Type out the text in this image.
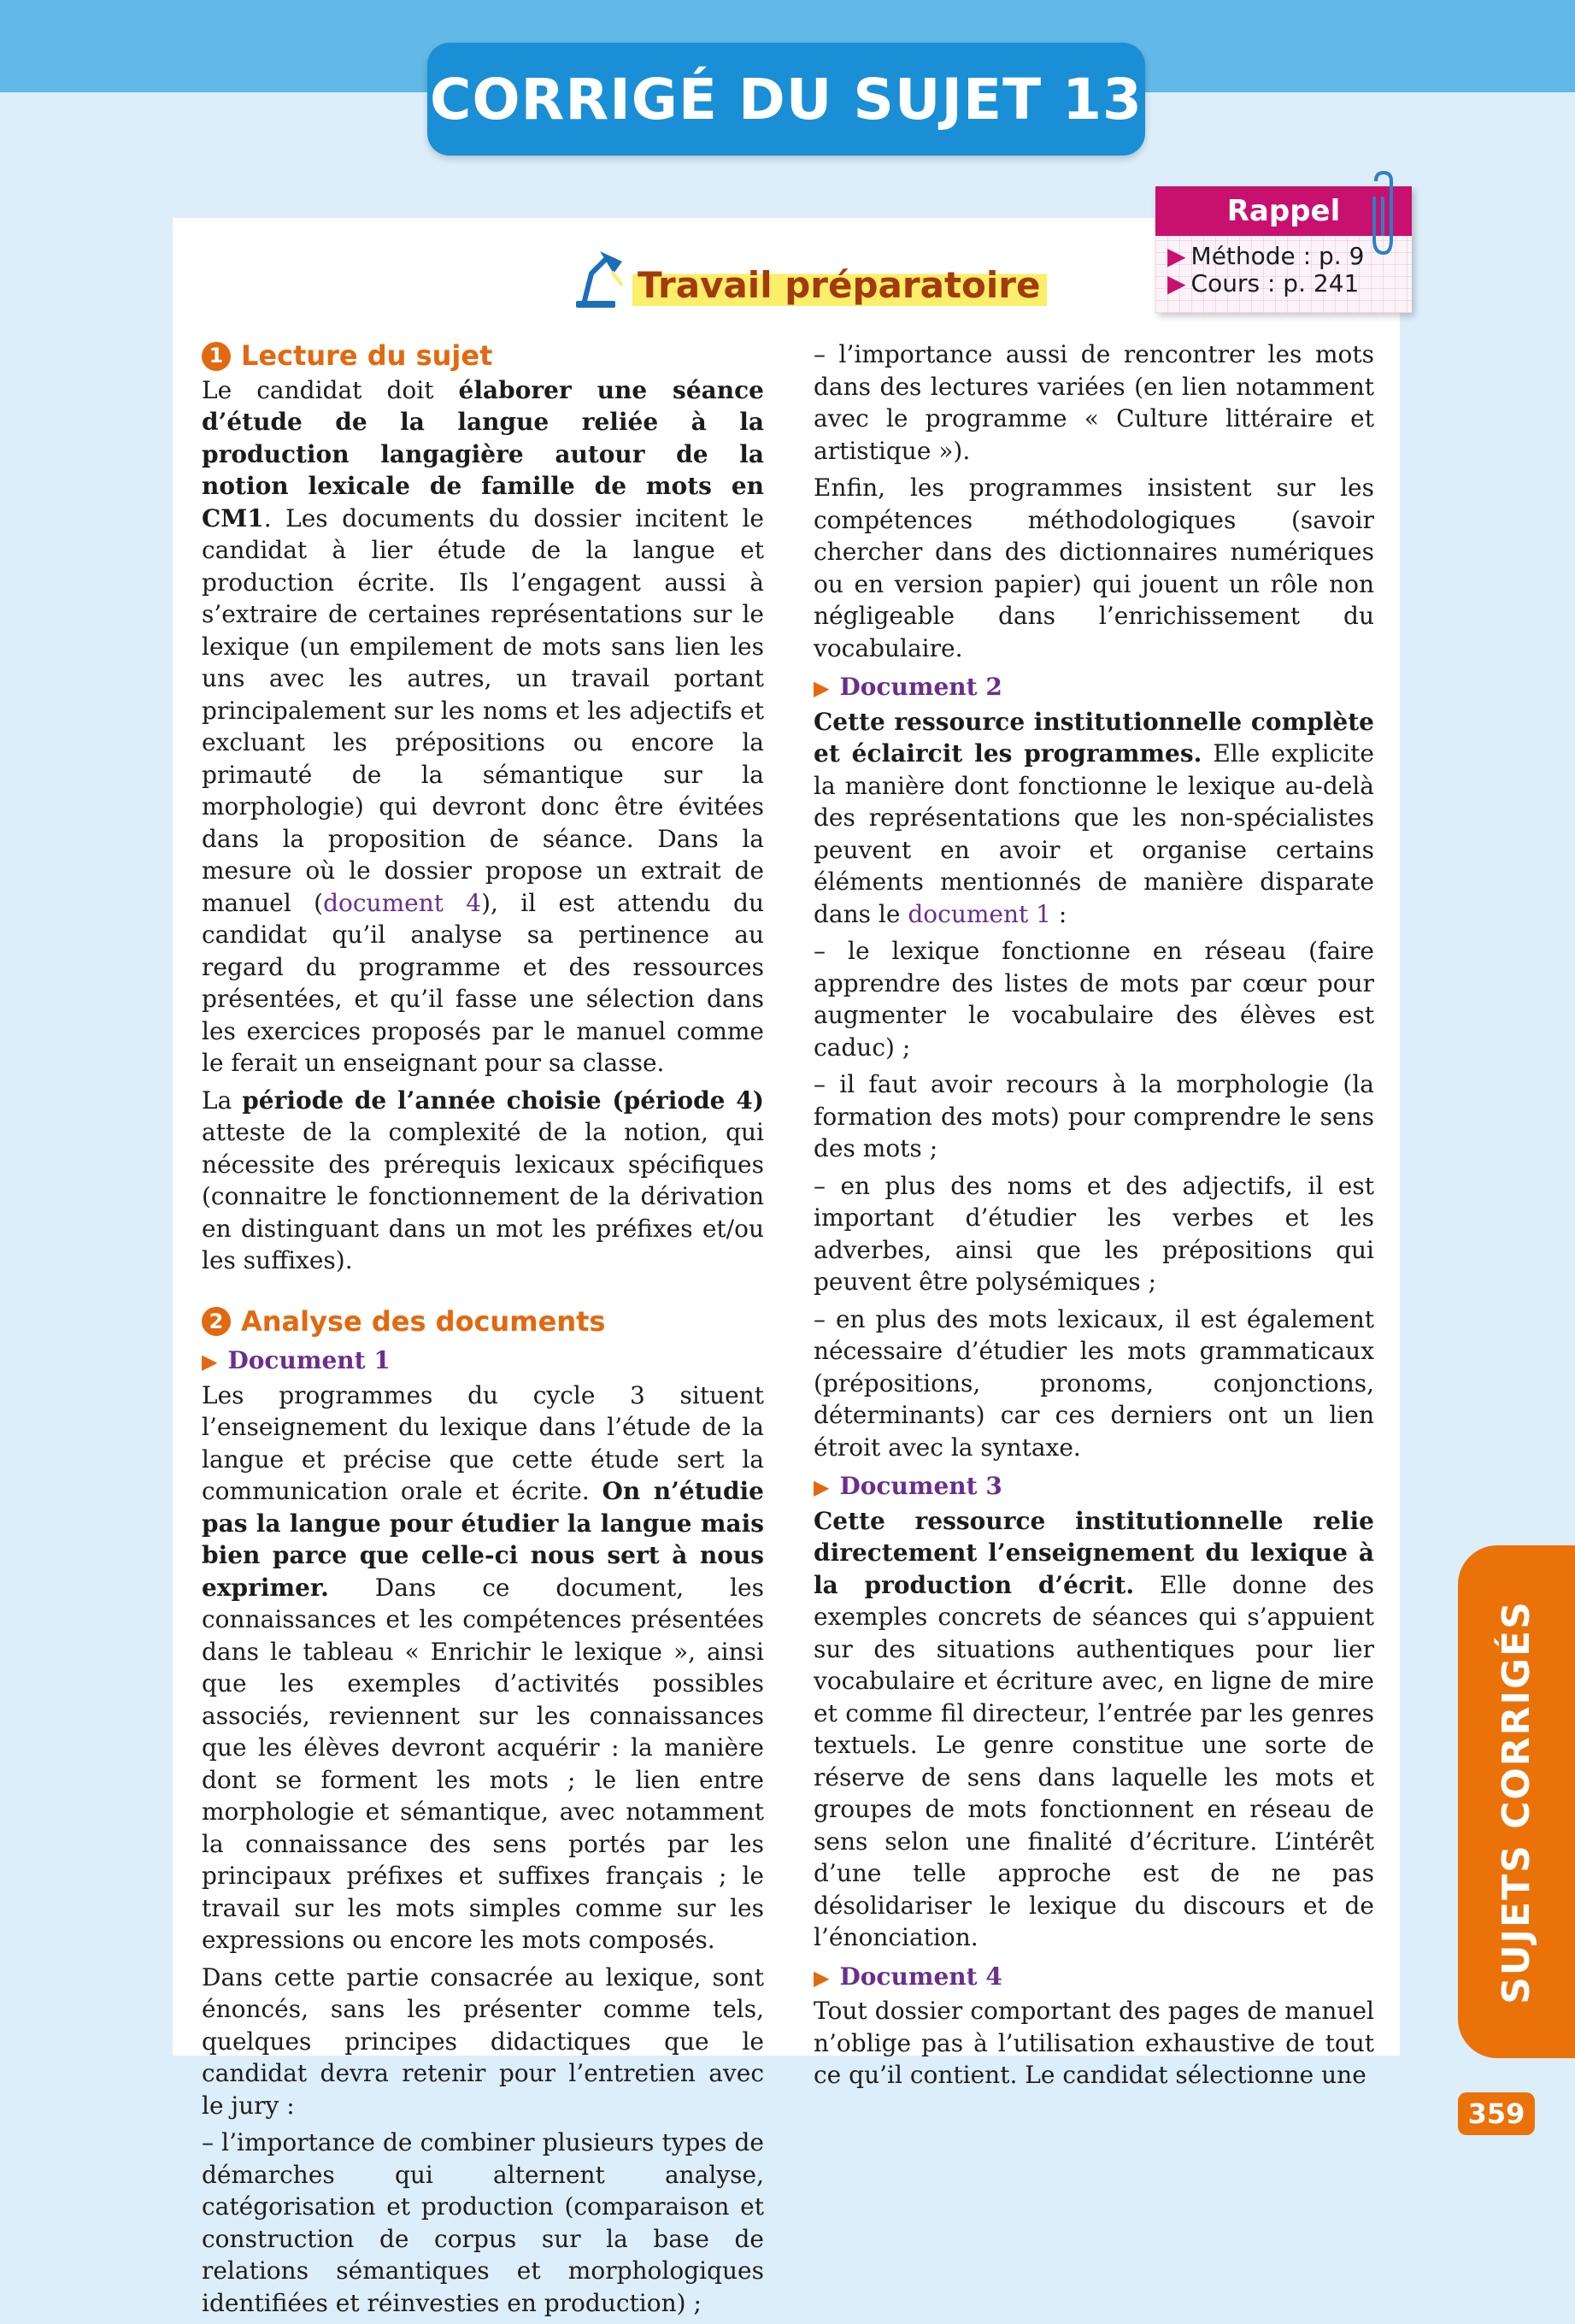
CORRIGÉ DU SUJET 13
Rappel
▶ Méthode : p. 9
▶ Cours : p. 241
Travail préparatoire
1 Lecture du sujet

Le candidat doit élaborer une séance d’étude de la langue reliée à la production langagière autour de la notion lexicale de famille de mots en CM1. Les documents du dossier incitent le candidat à lier étude de la langue et production écrite. Ils l’engagent aussi à s’extraire de certaines représentations sur le lexique (un empilement de mots sans lien les uns avec les autres, un travail portant principalement sur les noms et les adjectifs et excluant les prépositions ou encore la primauté de la sémantique sur la morphologie) qui devront donc être évitées dans la proposition de séance. Dans la mesure où le dossier propose un extrait de manuel (document 4), il est attendu du candidat qu’il analyse sa pertinence au regard du programme et des ressources présentées, et qu’il fasse une sélection dans les exercices proposés par le manuel comme le ferait un enseignant pour sa classe.

La période de l’année choisie (période 4) atteste de la complexité de la notion, qui nécessite des prérequis lexicaux spécifiques (connaitre le fonctionnement de la dérivation en distinguant dans un mot les préfixes et/ou les suffixes).

2 Analyse des documents
▶ Document 1

Les programmes du cycle 3 situent l’enseignement du lexique dans l’étude de la langue et précise que cette étude sert la communication orale et écrite. On n’étudie pas la langue pour étudier la langue mais bien parce que celle-ci nous sert à nous exprimer. Dans ce document, les connaissances et les compétences présentées dans le tableau « Enrichir le lexique », ainsi que les exemples d’activités possibles associés, reviennent sur les connaissances que les élèves devront acquérir : la manière dont se forment les mots ; le lien entre morphologie et sémantique, avec notamment la connaissance des sens portés par les principaux préfixes et suffixes français ; le travail sur les mots simples comme sur les expressions ou encore les mots composés.

Dans cette partie consacrée au lexique, sont énoncés, sans les présenter comme tels, quelques principes didactiques que le candidat devra retenir pour l’entretien avec le jury :

– l’importance de combiner plusieurs types de démarches qui alternent analyse, catégorisation et production (comparaison et construction de corpus sur la base de relations sémantiques et morphologiques identifiées et réinvesties en production) ;

– l’importance aussi de rencontrer les mots dans des lectures variées (en lien notamment avec le programme « Culture littéraire et artistique »).

Enfin, les programmes insistent sur les compétences méthodologiques (savoir chercher dans des dictionnaires numériques ou en version papier) qui jouent un rôle non négligeable dans l’enrichissement du vocabulaire.

▶ Document 2

Cette ressource institutionnelle complète et éclaircit les programmes. Elle explicite la manière dont fonctionne le lexique au-delà des représentations que les non-spécialistes peuvent en avoir et organise certains éléments mentionnés de manière disparate dans le document 1 :

– le lexique fonctionne en réseau (faire apprendre des listes de mots par cœur pour augmenter le vocabulaire des élèves est caduc) ;

– il faut avoir recours à la morphologie (la formation des mots) pour comprendre le sens des mots ;

– en plus des noms et des adjectifs, il est important d’étudier les verbes et les adverbes, ainsi que les prépositions qui peuvent être polysémiques ;

– en plus des mots lexicaux, il est également nécessaire d’étudier les mots grammaticaux (prépositions, pronoms, conjonctions, déterminants) car ces derniers ont un lien étroit avec la syntaxe.

▶ Document 3

Cette ressource institutionnelle relie directement l’enseignement du lexique à la production d’écrit. Elle donne des exemples concrets de séances qui s’appuient sur des situations authentiques pour lier vocabulaire et écriture avec, en ligne de mire et comme fil directeur, l’entrée par les genres textuels. Le genre constitue une sorte de réserve de sens dans laquelle les mots et groupes de mots fonctionnent en réseau de sens selon une finalité d’écriture. L’intérêt d’une telle approche est de ne pas désolidariser le lexique du discours et de l’énonciation.

▶ Document 4

Tout dossier comportant des pages de manuel n’oblige pas à l’utilisation exhaustive de tout ce qu’il contient. Le candidat sélectionne une

SUJETS CORRIGÉS
359
